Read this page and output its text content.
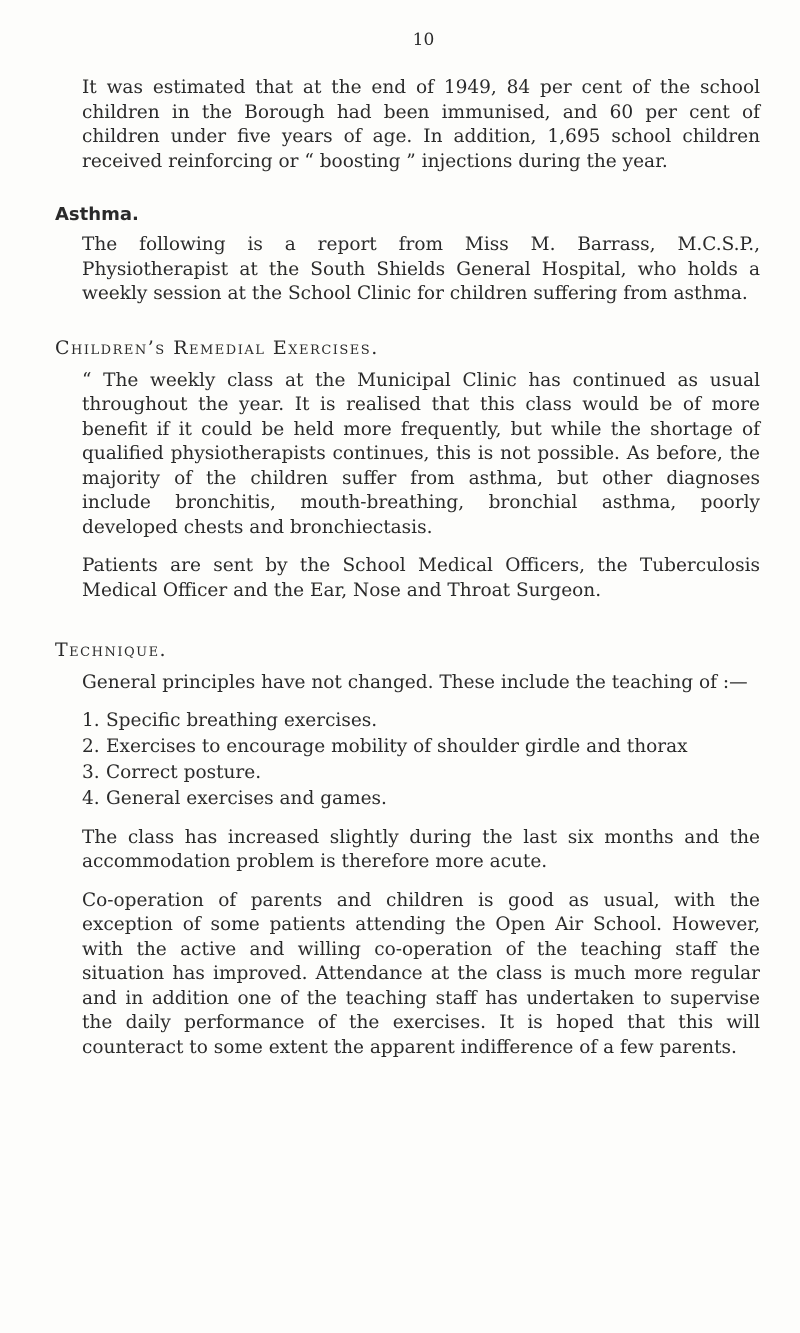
10

It was estimated that at the end of 1949, 84 per cent of the school children in the Borough had been immunised, and 60 per cent of children under five years of age. In addition, 1,695 school children received reinforcing or “ boosting ” injections during the year.

Asthma.

The following is a report from Miss M. Barrass, M.C.S.P., Physiotherapist at the South Shields General Hospital, who holds a weekly session at the School Clinic for children suffering from asthma.

Children’s Remedial Exercises.

“ The weekly class at the Municipal Clinic has continued as usual throughout the year. It is realised that this class would be of more benefit if it could be held more frequently, but while the shortage of qualified physiotherapists continues, this is not possible. As before, the majority of the children suffer from asthma, but other diagnoses include bronchitis, mouth-breathing, bronchial asthma, poorly developed chests and bronchiectasis.

Patients are sent by the School Medical Officers, the Tuberculosis Medical Officer and the Ear, Nose and Throat Surgeon.

Technique.

General principles have not changed. These include the teaching of :—

1. Specific breathing exercises.
2. Exercises to encourage mobility of shoulder girdle and thorax
3. Correct posture.
4. General exercises and games.

The class has increased slightly during the last six months and the accommodation problem is therefore more acute.

Co-operation of parents and children is good as usual, with the exception of some patients attending the Open Air School. However, with the active and willing co-operation of the teaching staff the situation has improved. Attendance at the class is much more regular and in addition one of the teaching staff has undertaken to supervise the daily performance of the exercises. It is hoped that this will counteract to some extent the apparent indifference of a few parents.
